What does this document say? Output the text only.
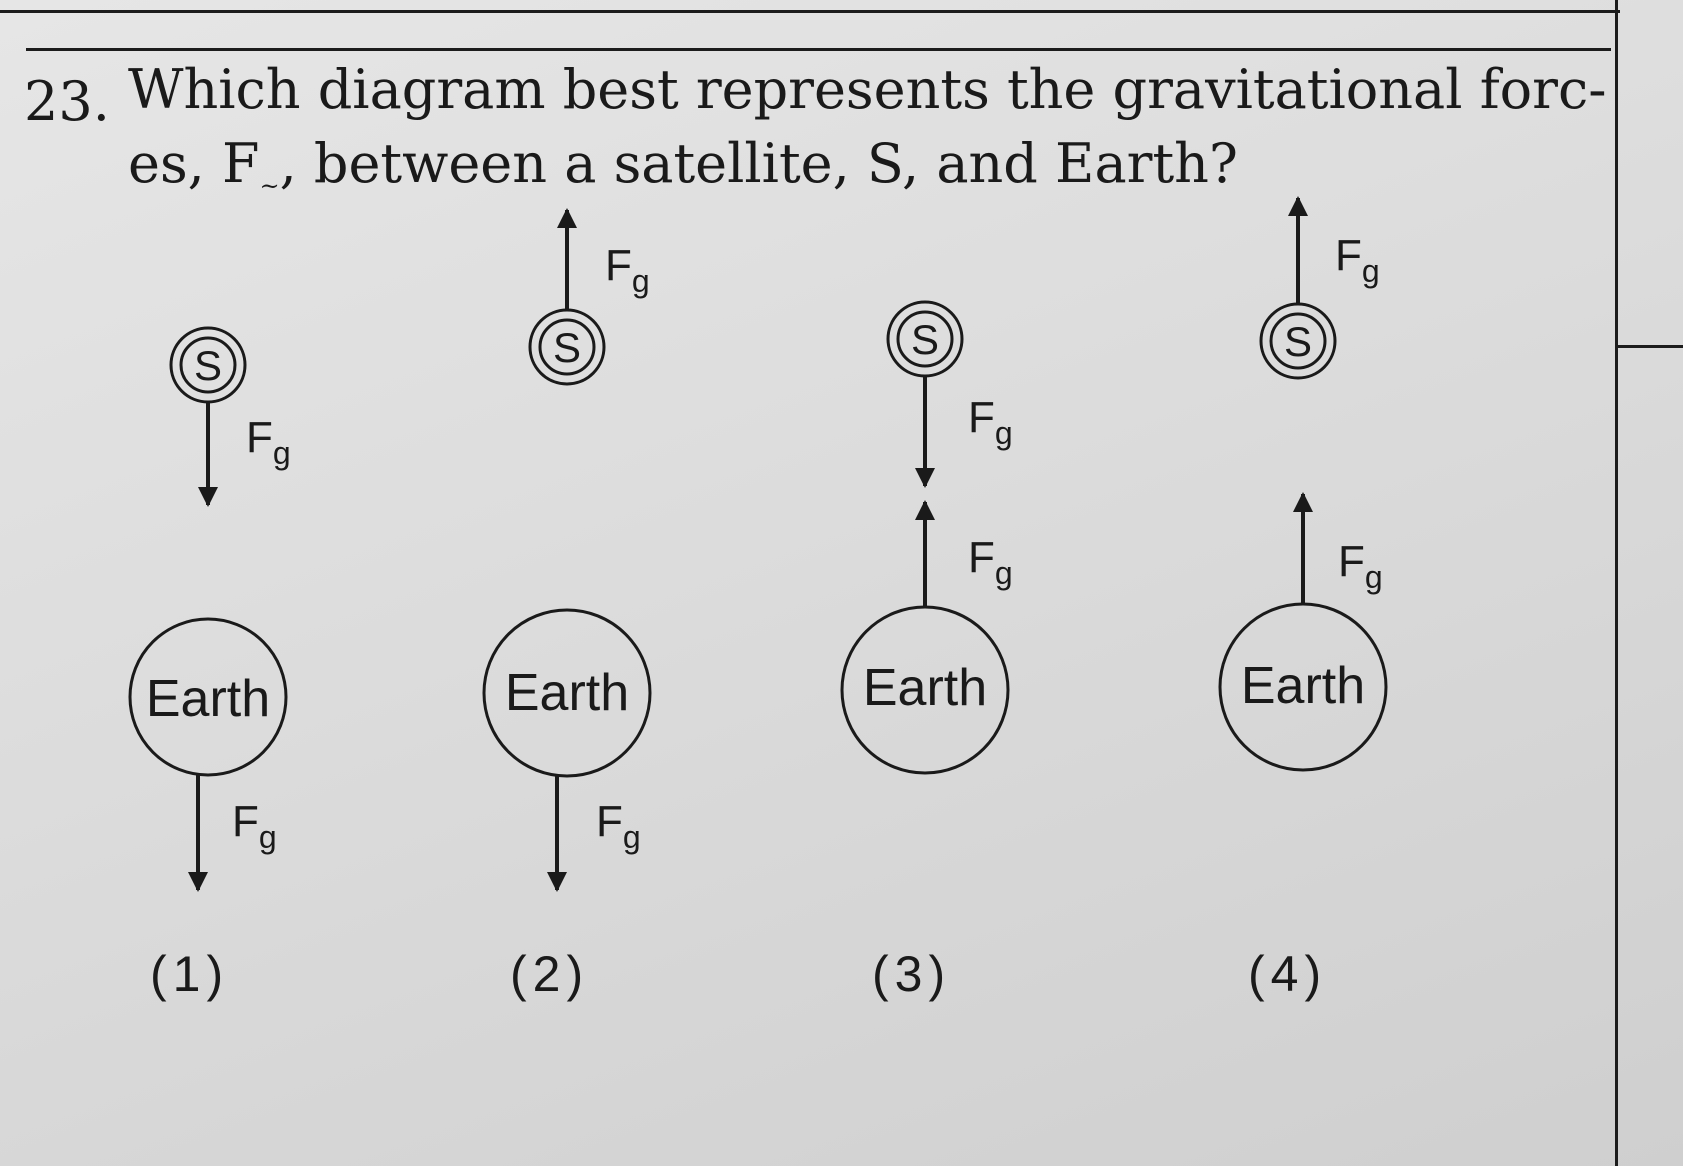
23. Which diagram best represents the gravitational forc-
es, $F_\sim$, between a satellite, S, and Earth?
S
$F_g$
Earth
$F_g$
$F_g$
S
Earth
$F_g$
S
$F_g$
$F_g$
Earth
$F_g$
S
$F_g$
Earth
(1)	(2)	(3)	(4)
